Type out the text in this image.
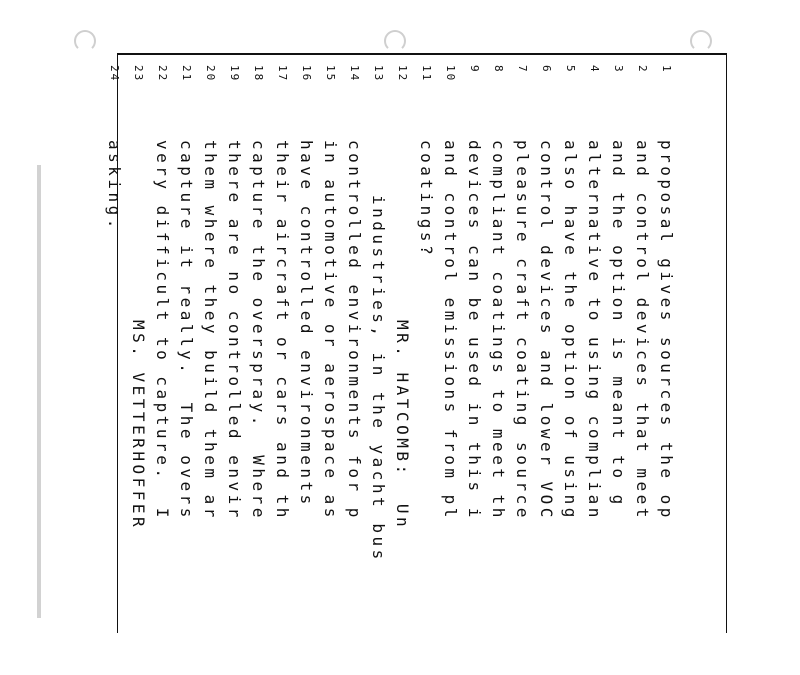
1
proposal gives sources the op
2
and control devices that meet
3
and the option is meant to g
4
alternative to using complian
5
also have the option of using
6
control devices and lower VOC
7
pleasure craft coating source
8
compliant coatings to meet th
9
devices can be used in this i
10
and control emissions from pl
11
coatings?
12
MR. HATCOMB:  Un
13
industries, in the yacht bus
14
controlled environments for p
15
in automotive or aerospace as
16
have controlled environments
17
their aircraft or cars and th
18
capture the overspray.  Where
19
there are no controlled envir
20
them where they build them ar
21
capture it really.  The overs
22
very difficult to capture.  I
23
MS. VETTERHOFFER
24
asking.
